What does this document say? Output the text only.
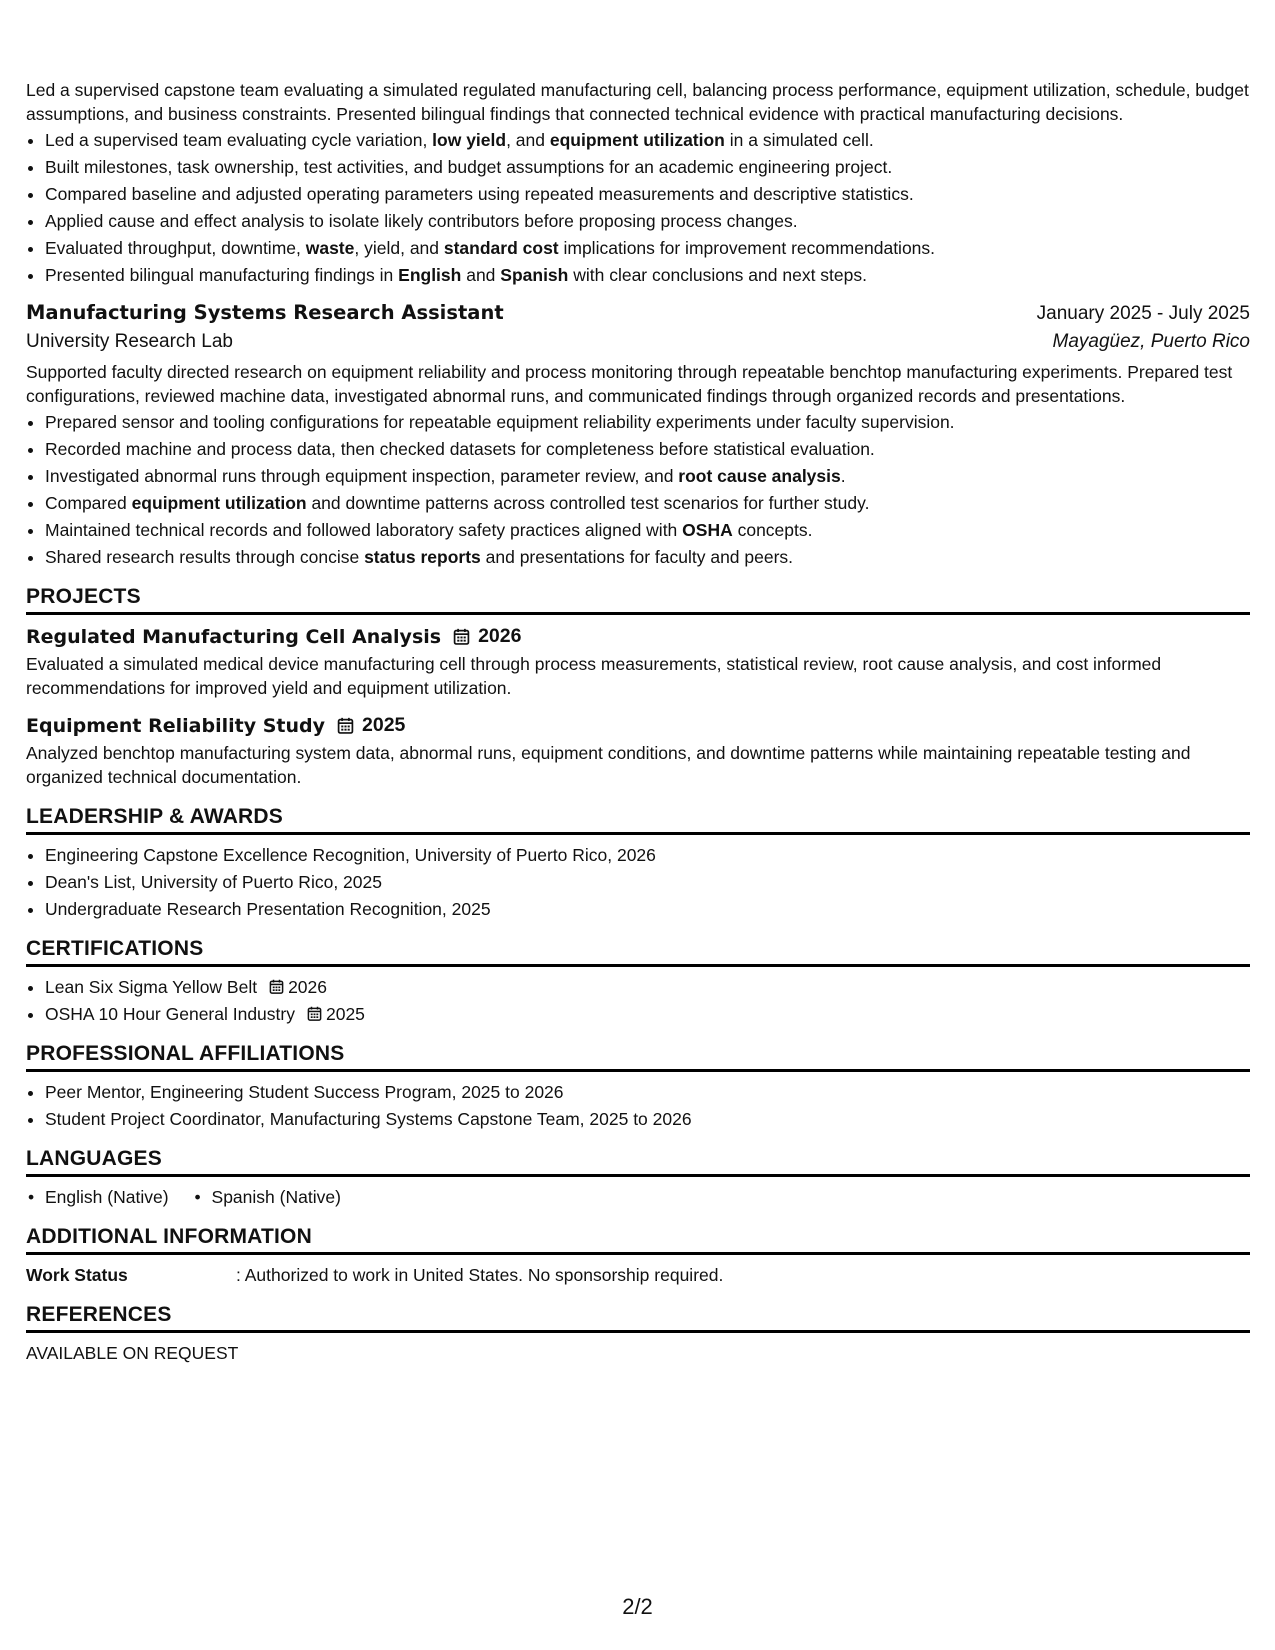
Led a supervised capstone team evaluating a simulated regulated manufacturing cell, balancing process performance, equipment utilization, schedule, budget assumptions, and business constraints. Presented bilingual findings that connected technical evidence with practical manufacturing decisions.

• Led a supervised team evaluating cycle variation, low yield, and equipment utilization in a simulated cell.
• Built milestones, task ownership, test activities, and budget assumptions for an academic engineering project.
• Compared baseline and adjusted operating parameters using repeated measurements and descriptive statistics.
• Applied cause and effect analysis to isolate likely contributors before proposing process changes.
• Evaluated throughput, downtime, waste, yield, and standard cost implications for improvement recommendations.
• Presented bilingual manufacturing findings in English and Spanish with clear conclusions and next steps.
Manufacturing Systems Research Assistant	January 2025 - July 2025
University Research Lab	Mayagüez, Puerto Rico

Supported faculty directed research on equipment reliability and process monitoring through repeatable benchtop manufacturing experiments. Prepared test configurations, reviewed machine data, investigated abnormal runs, and communicated findings through organized records and presentations.

• Prepared sensor and tooling configurations for repeatable equipment reliability experiments under faculty supervision.
• Recorded machine and process data, then checked datasets for completeness before statistical evaluation.
• Investigated abnormal runs through equipment inspection, parameter review, and root cause analysis.
• Compared equipment utilization and downtime patterns across controlled test scenarios for further study.
• Maintained technical records and followed laboratory safety practices aligned with OSHA concepts.
• Shared research results through concise status reports and presentations for faculty and peers.
PROJECTS
Regulated Manufacturing Cell Analysis 2026
Evaluated a simulated medical device manufacturing cell through process measurements, statistical review, root cause analysis, and cost informed recommendations for improved yield and equipment utilization.
Equipment Reliability Study 2025
Analyzed benchtop manufacturing system data, abnormal runs, equipment conditions, and downtime patterns while maintaining repeatable testing and organized technical documentation.
LEADERSHIP & AWARDS
• Engineering Capstone Excellence Recognition, University of Puerto Rico, 2026
• Dean's List, University of Puerto Rico, 2025
• Undergraduate Research Presentation Recognition, 2025
CERTIFICATIONS
• Lean Six Sigma Yellow Belt 2026
• OSHA 10 Hour General Industry 2025
PROFESSIONAL AFFILIATIONS
• Peer Mentor, Engineering Student Success Program, 2025 to 2026
• Student Project Coordinator, Manufacturing Systems Capstone Team, 2025 to 2026
LANGUAGES
• English (Native)
•	Spanish (Native)
ADDITIONAL INFORMATION
Work Status	: Authorized to work in United States. No sponsorship required.
REFERENCES
AVAILABLE ON REQUEST
2/2
